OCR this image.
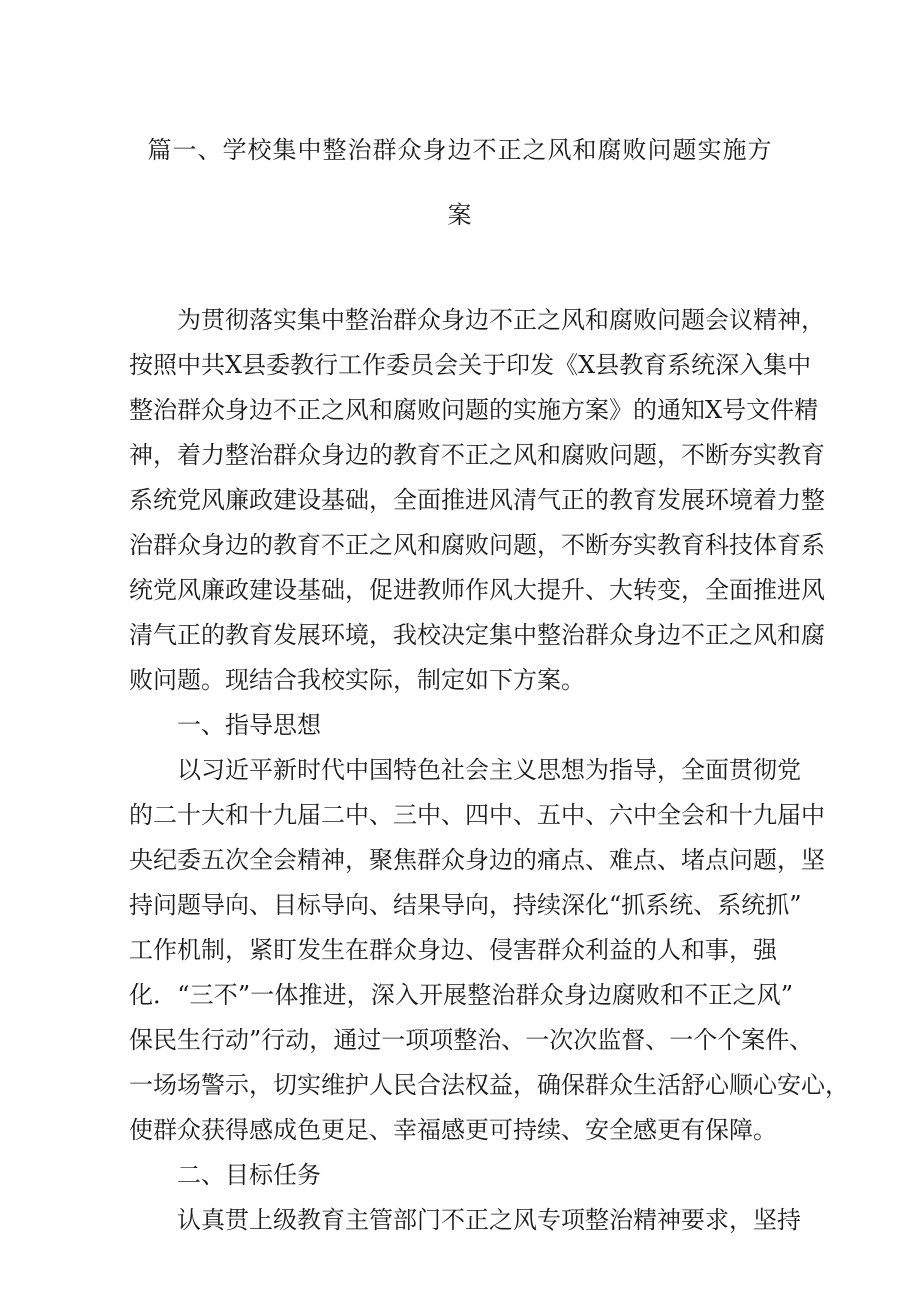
篇一、学校集中整治群众身边不正之风和腐败问题实施方
案
为贯彻落实集中整治群众身边不正之风和腐败问题会议精神，
按照中共X县委教行工作委员会关于印发《X县教育系统深入集中
整治群众身边不正之风和腐败问题的实施方案》的通知X号文件精
神，着力整治群众身边的教育不正之风和腐败问题，不断夯实教育
系统党风廉政建设基础，全面推进风清气正的教育发展环境着力整
治群众身边的教育不正之风和腐败问题，不断夯实教育科技体育系
统党风廉政建设基础，促进教师作风大提升、大转变，全面推进风
清气正的教育发展环境，我校决定集中整治群众身边不正之风和腐
败问题。现结合我校实际，制定如下方案。
一、指导思想
以习近平新时代中国特色社会主义思想为指导，全面贯彻党
的二十大和十九届二中、三中、四中、五中、六中全会和十九届中
央纪委五次全会精神，聚焦群众身边的痛点、难点、堵点问题，坚
持问题导向、目标导向、结果导向，持续深化“抓系统、系统抓”
工作机制，紧盯发生在群众身边、侵害群众利益的人和事，强
化．“三不”一体推进，深入开展整治群众身边腐败和不正之风”
保民生行动”行动，通过一项项整治、一次次监督、一个个案件、
一场场警示，切实维护人民合法权益，确保群众生活舒心顺心安心，
使群众获得感成色更足、幸福感更可持续、安全感更有保障。
二、目标任务
认真贯上级教育主管部门不正之风专项整治精神要求，坚持
